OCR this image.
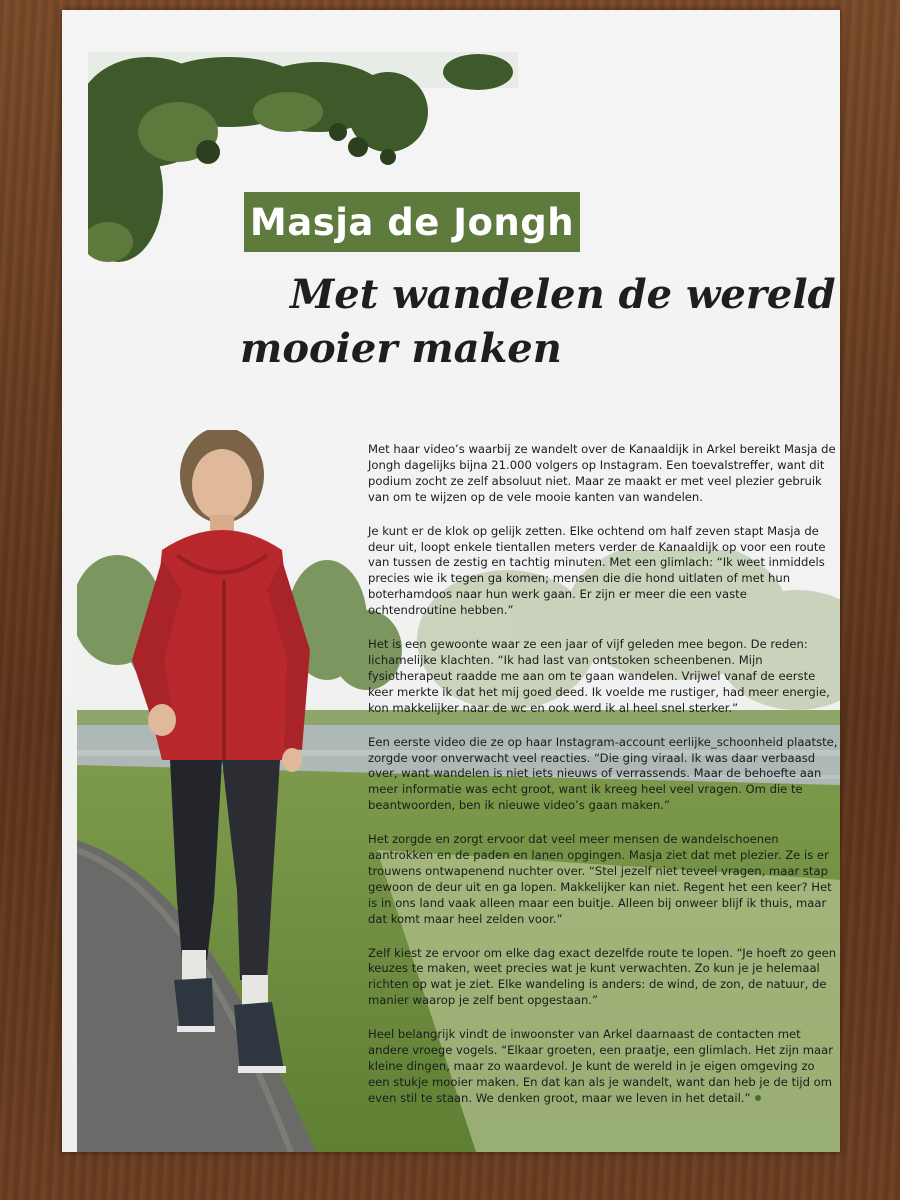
Masja de Jongh
Met wandelen de wereld
mooier maken

Met haar video’s waarbij ze wandelt over de Kanaaldijk in Arkel bereikt Masja de Jongh dagelijks bijna 21.000 volgers op Instagram. Een toevalstreffer, want dit podium zocht ze zelf absoluut niet. Maar ze maakt er met veel plezier gebruik van om te wijzen op de vele mooie kanten van wandelen.

Je kunt er de klok op gelijk zetten. Elke ochtend om half zeven stapt Masja de deur uit, loopt enkele tientallen meters verder de Kanaaldijk op voor een route van tussen de zestig en tachtig minuten. Met een glimlach: “Ik weet inmiddels precies wie ik tegen ga komen; mensen die die hond uitlaten of met hun boterhamdoos naar hun werk gaan. Er zijn er meer die een vaste ochtendroutine hebben.”

Het is een gewoonte waar ze een jaar of vijf geleden mee begon. De reden: lichamelijke klachten. “Ik had last van ontstoken scheenbenen. Mijn fysiotherapeut raadde me aan om te gaan wandelen. Vrijwel vanaf de eerste keer merkte ik dat het mij goed deed. Ik voelde me rustiger, had meer energie, kon makkelijker naar de wc en ook werd ik al heel snel sterker.”

Een eerste video die ze op haar Instagram-account eerlijke_schoonheid plaatste, zorgde voor onverwacht veel reacties. “Die ging viraal. Ik was daar verbaasd over, want wandelen is niet iets nieuws of verrassends. Maar de behoefte aan meer informatie was echt groot, want ik kreeg heel veel vragen. Om die te beantwoorden, ben ik nieuwe video’s gaan maken.”

Het zorgde en zorgt ervoor dat veel meer mensen de wandelschoenen aantrokken en de paden en lanen opgingen. Masja ziet dat met plezier. Ze is er trouwens ontwapenend nuchter over. “Stel jezelf niet teveel vragen, maar stap gewoon de deur uit en ga lopen. Makkelijker kan niet. Regent het een keer? Het is in ons land vaak alleen maar een buitje. Alleen bij onweer blijf ik thuis, maar dat komt maar heel zelden voor.”

Zelf kiest ze ervoor om elke dag exact dezelfde route te lopen. “Je hoeft zo geen keuzes te maken, weet precies wat je kunt verwachten. Zo kun je je helemaal richten op wat je ziet. Elke wandeling is anders: de wind, de zon, de natuur, de manier waarop je zelf bent opgestaan.”

Heel belangrijk vindt de inwoonster van Arkel daarnaast de contacten met andere vroege vogels. “Elkaar groeten, een praatje, een glimlach. Het zijn maar kleine dingen, maar zo waardevol. Je kunt de wereld in je eigen omgeving zo een stukje mooier maken. En dat kan als je wandelt, want dan heb je de tijd om even stil te staan. We denken groot, maar we leven in het detail.”
